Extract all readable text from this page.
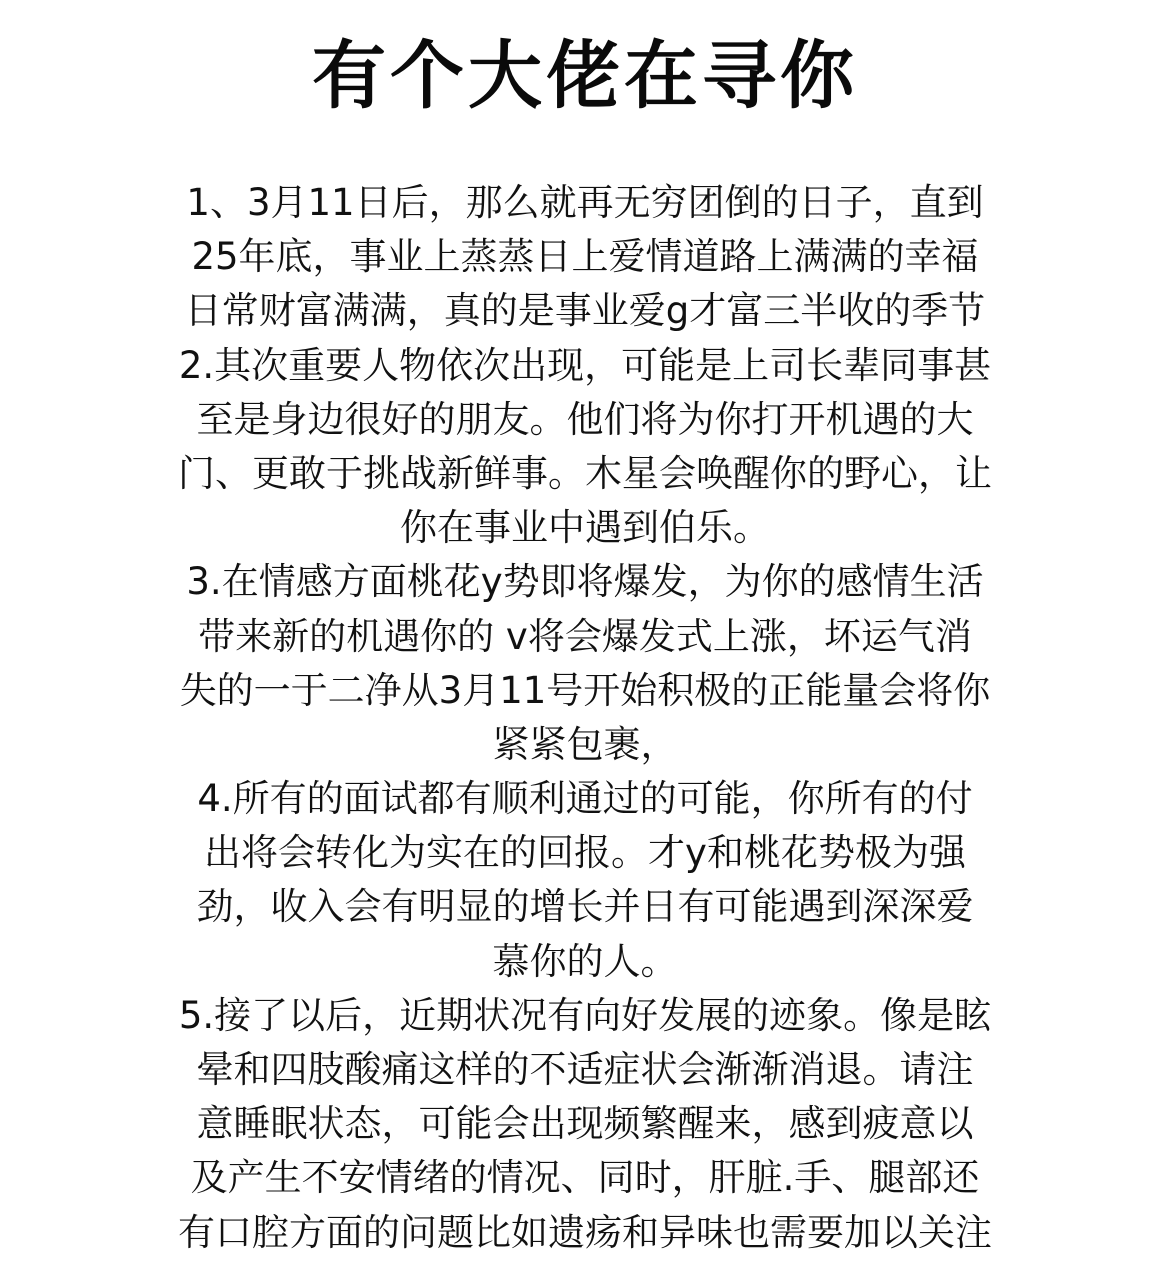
有个大佬在寻你
1、3月11日后，那么就再无穷团倒的日子，直到
25年底，事业上蒸蒸日上爱情道路上满满的幸福
日常财富满满，真的是事业爱g才富三半收的季节
2.其次重要人物依次出现，可能是上司长辈同事甚
至是身边很好的朋友。他们将为你打开机遇的大
门、更敢于挑战新鲜事。木星会唤醒你的野心，让
你在事业中遇到伯乐。
3.在情感方面桃花y势即将爆发，为你的感情生活
带来新的机遇你的 v将会爆发式上涨，坏运气消
失的一于二净从3月11号开始积极的正能量会将你
紧紧包裹，
4.所有的面试都有顺利通过的可能，你所有的付
出将会转化为实在的回报。才y和桃花势极为强
劲，收入会有明显的增长并日有可能遇到深深爱
慕你的人。
5.接了以后，近期状况有向好发展的迹象。像是眩
晕和四肢酸痛这样的不适症状会渐渐消退。请注
意睡眠状态，可能会出现频繁醒来，感到疲意以
及产生不安情绪的情况、同时，肝脏.手、腿部还
有口腔方面的问题比如遗疡和异味也需要加以关注
